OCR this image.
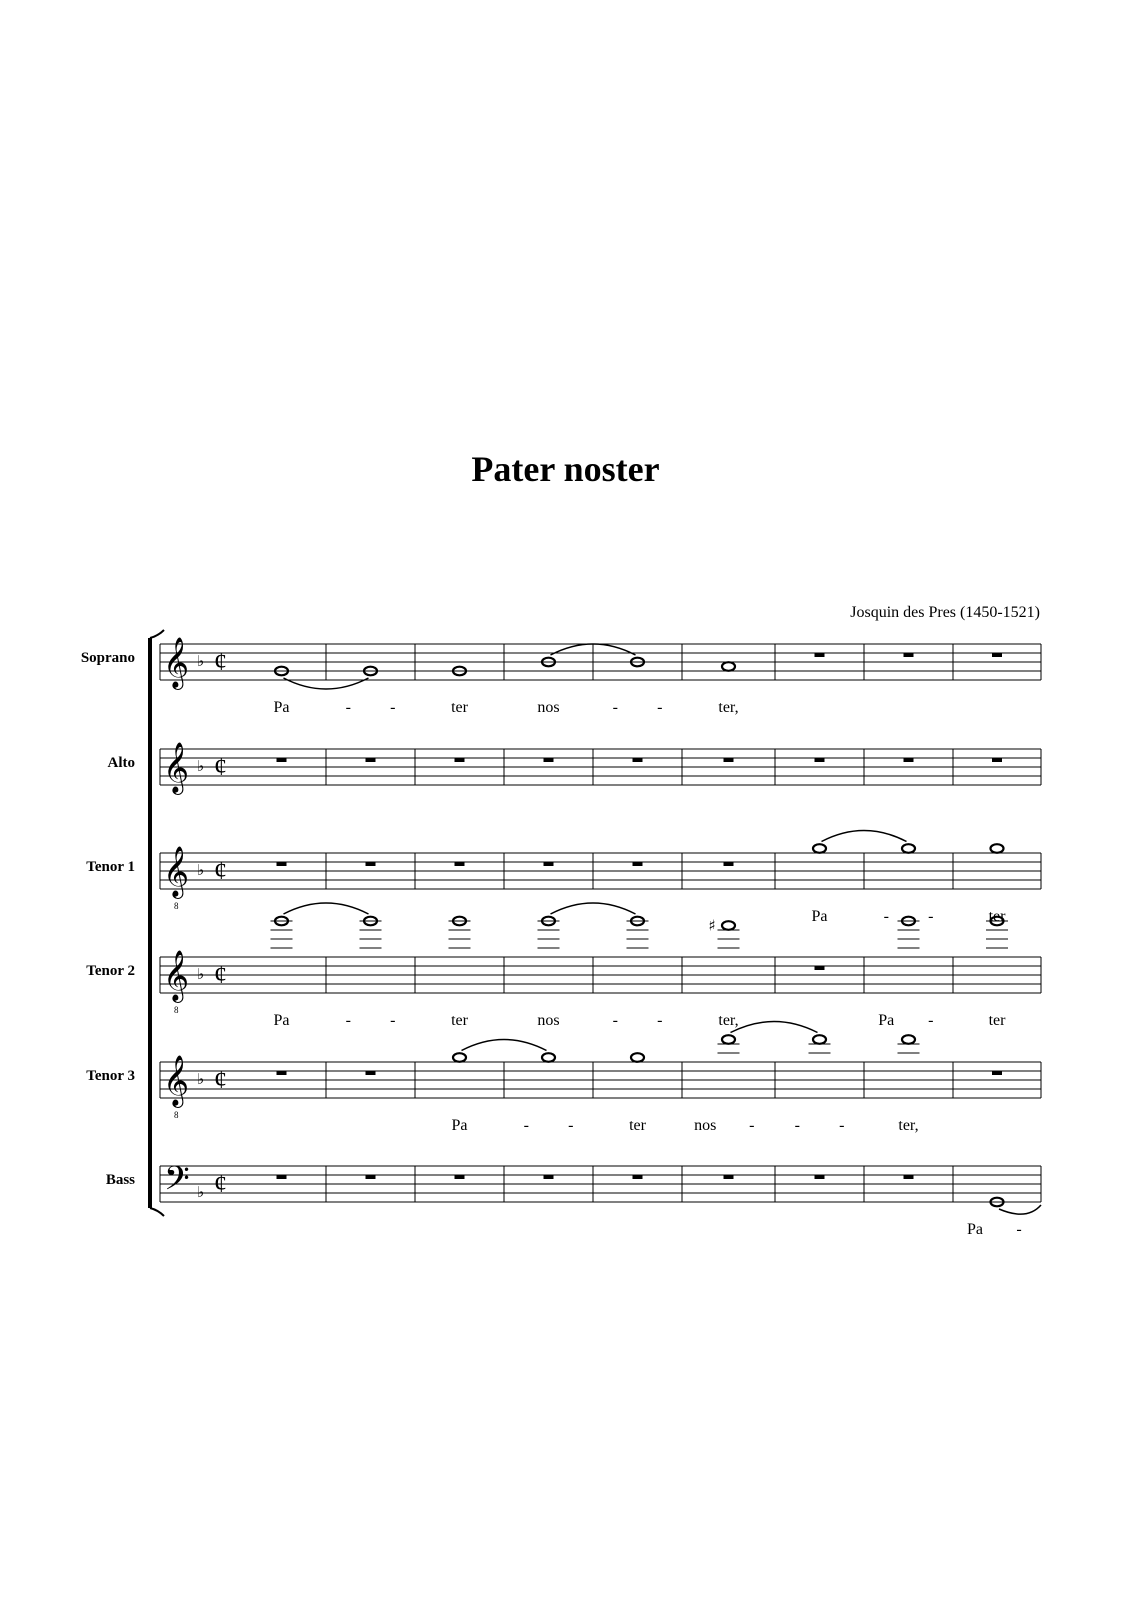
Pater noster
Josquin des Pres (1450-1521)
Soprano
Alto
Tenor 1
Tenor 2
Tenor 3
Bass
𝄞 ♭ ¢
Pa	- -	ter	nos	- -	ter,
𝄞 ♭ ¢
𝄞
8
♭ ¢
Pa	- -	ter
𝄞
8
♭ ¢
♯
Pa	- -	ter	nos	- -	ter,	Pa -	ter
𝄞
8
♭ ¢
Pa	- -	ter	nos -	- -	ter,
𝄢 ♭ ¢
Pa -
